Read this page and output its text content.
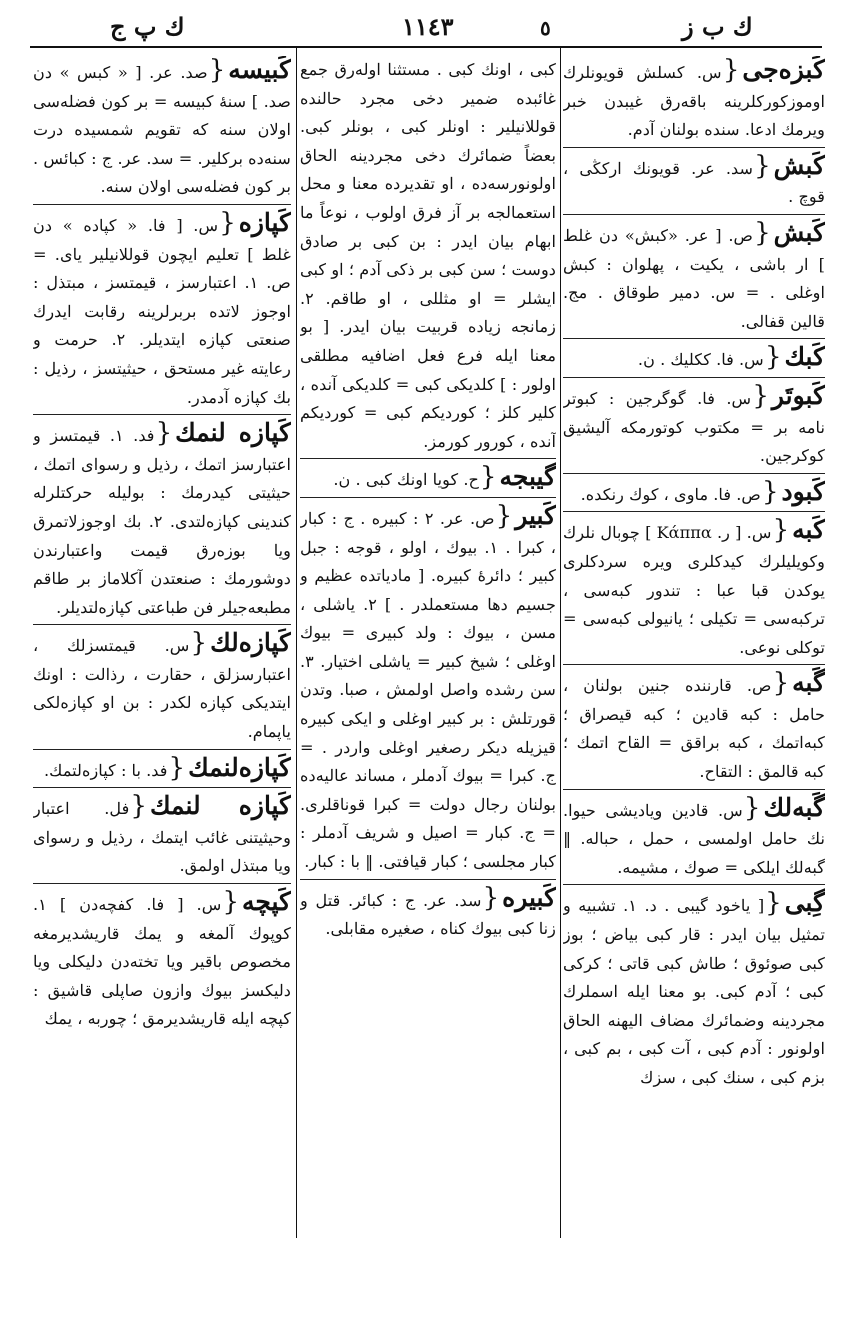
ك پ ج	١١٤٣	٥	ك ب ز
كَبزه‌جى{س. كسلش قويونلرك اوموزكوركلرينه باقه‌رق غيبدن خبر ويرمك ادعا. سنده بولنان آدم.
كَبش{سد. عر. قويونك اركڭى ، قوچ .
كَبش{ص. [ عر. «كبش» دن غلط ] ار باشى ، يكيت ، پهلوان : كبش اوغلى . = س. دمير طوقاق . مج. قالين قفالى.
كَبك{س. فا. ككليك . ن.
كَبوتَر{س. فا. گوگرجين : كبوتر نامه بر = مكتوب كوتورمكه آليشيق كوكرجين.
كَبود{ص. فا. ماوى ، كوك رنكده.
كَبه{س. [ ر. Κάππα ] چوبال نلرك وكويليلرك كيدكلرى ويره سردكلرى يوكدن قبا عبا : تندور كبه‌سى ، تركبه‌سى = تكيلى ؛ يانيولى كبه‌سى = توكلى نوعى.
گَبه{ص. قارننده جنين بولنان ، حامل : كبه قادين ؛ كبه قيصراق ؛ كبه‌اتمك ، كبه براقق = القاح اتمك ؛ كبه قالمق : التقاح.
گَبه‌لك{س. قادين وياديشى حيوا. نك حامل اولمسى ، حمل ، حباله. ‖ گبه‌لك ايلكى = صوك ، مشيمه.
گِبى{[ ياخود گيبى . د. ١. تشبيه و تمثيل بيان ايدر : قار كبى بياض ؛ بوز كبى صوئوق ؛ طاش كبى قاتى ؛ كركى كبى ؛ آدم كبى. بو معنا ايله اسملرك مجردينه وضمائرك مضاف اليهنه الحاق اولونور : آدم كبى ، آت كبى ، بم كبى ، بزم كبى ، سنك كبى ، سزك
كبى ، اونك كبى . مستثنا اوله‌رق جمع غائبده ضمير دخى مجرد حالنده قوللانيلير : اونلر كبى ، بونلر كبى. بعضاً ضمائرك دخى مجردينه الحاق اولونورسه‌ده ، او تقديرده معنا و محل استعمالجه بر آز فرق اولوب ، نوعاً ما ابهام بيان ايدر : بن كبى بر صادق دوست ؛ سن كبى بر ذكى آدم ؛ او كبى ايشلر = او مثللى ، او طاقم. ٢. زمانجه زياده قربيت بيان ايدر. [ بو معنا ايله فرع فعل اضافيه مطلقى اولور : ] كلديكى كبى = كلديكى آنده ، كلير كلز ؛ كورديكم كبى = كورديكم آنده ، كورور كورمز.
گيبجه{ح. كويا اونك كبى . ن.
كَبير{ص. عر. ٢ : كبيره . ج : كبار ، كبرا . ١. بيوك ، اولو ، قوجه : جبل كبير ؛ دائرۀ كبيره. [ مادياتده عظيم و جسيم دها مستعملدر . ] ٢. ياشلى ، مسن ، بيوك : ولد كبيرى = بيوك اوغلى ؛ شيخ كبير = ياشلى اختيار. ٣. سن رشده واصل اولمش ، صبا. وتدن قورتلش : بر كبير اوغلى و ايكى كبيره قيزيله ديكر رصغير اوغلى واردر . = ج. كبرا = بيوك آدملر ، مساند عاليه‌ده بولنان رجال دولت = كبرا قوناقلرى. = ج. كبار = اصيل و شريف آدملر : كبار مجلسى ؛ كبار قيافتى. ‖ با : كبار.
كَبيره{سد. عر. ج : كبائر. قتل و زنا كبى بيوك كناه ، صغيره مقابلى.
كَبيسه{صد. عر. [ « كبس » دن صد. ] سنۀ كبيسه = بر كون فضله‌سى اولان سنه كه تقويم شمسيده درت سنه‌ده بركلير. = سد. عر. ج : كبائس . بر كون فضله‌سى اولان سنه.
كَپازه{س. [ فا. « كپاده » دن غلط ] تعليم ايچون قوللانيلير ياى. = ص. ١. اعتبارسز ، قيمتسز ، مبتذل : اوجوز لاتده بربرلرينه رقابت ايدرك صنعتى كپازه ايتديلر. ٢. حرمت و رعايته غير مستحق ، حيثيتسز ، رذيل : بك كپازه آدمدر.
كَپازه لنمك{فد. ١. قيمتسز و اعتبارسز اتمك ، رذيل و رسواى اتمك ، حيثيتى كيدرمك : بوليله حركتلرله كندينى كپازه‌لتدى. ٢. بك اوجوزلاتمرق ويا بوزه‌رق قيمت واعتبارندن دوشورمك : صنعتدن آكلاماز بر طاقم مطبعه‌جيلر فن طباعتى كپازه‌لتديلر.
كَپازه‌لك{س. قيمتسزلك ، اعتبارسزلق ، حقارت ، رذالت : اونك ايتديكى كپازه لكدر : بن او كپازه‌لكى ياپمام.
كَپازه‌لنمك{فد. با : كپازه‌لتمك.
كَپازه لنمك{فل. اعتبار وحيثيتنى غائب ايتمك ، رذيل و رسواى ويا مبتذل اولمق.
كَپچه{س. [ فا. كفچه‌دن ] ١. كوپوك آلمغه و يمك قاريشديرمغه مخصوص باقير ويا تخته‌دن دليكلى ويا دليكسز بيوك وازون صاپلى قاشيق : كپچه ايله قاريشديرمق ؛ چوربه ، يمك
